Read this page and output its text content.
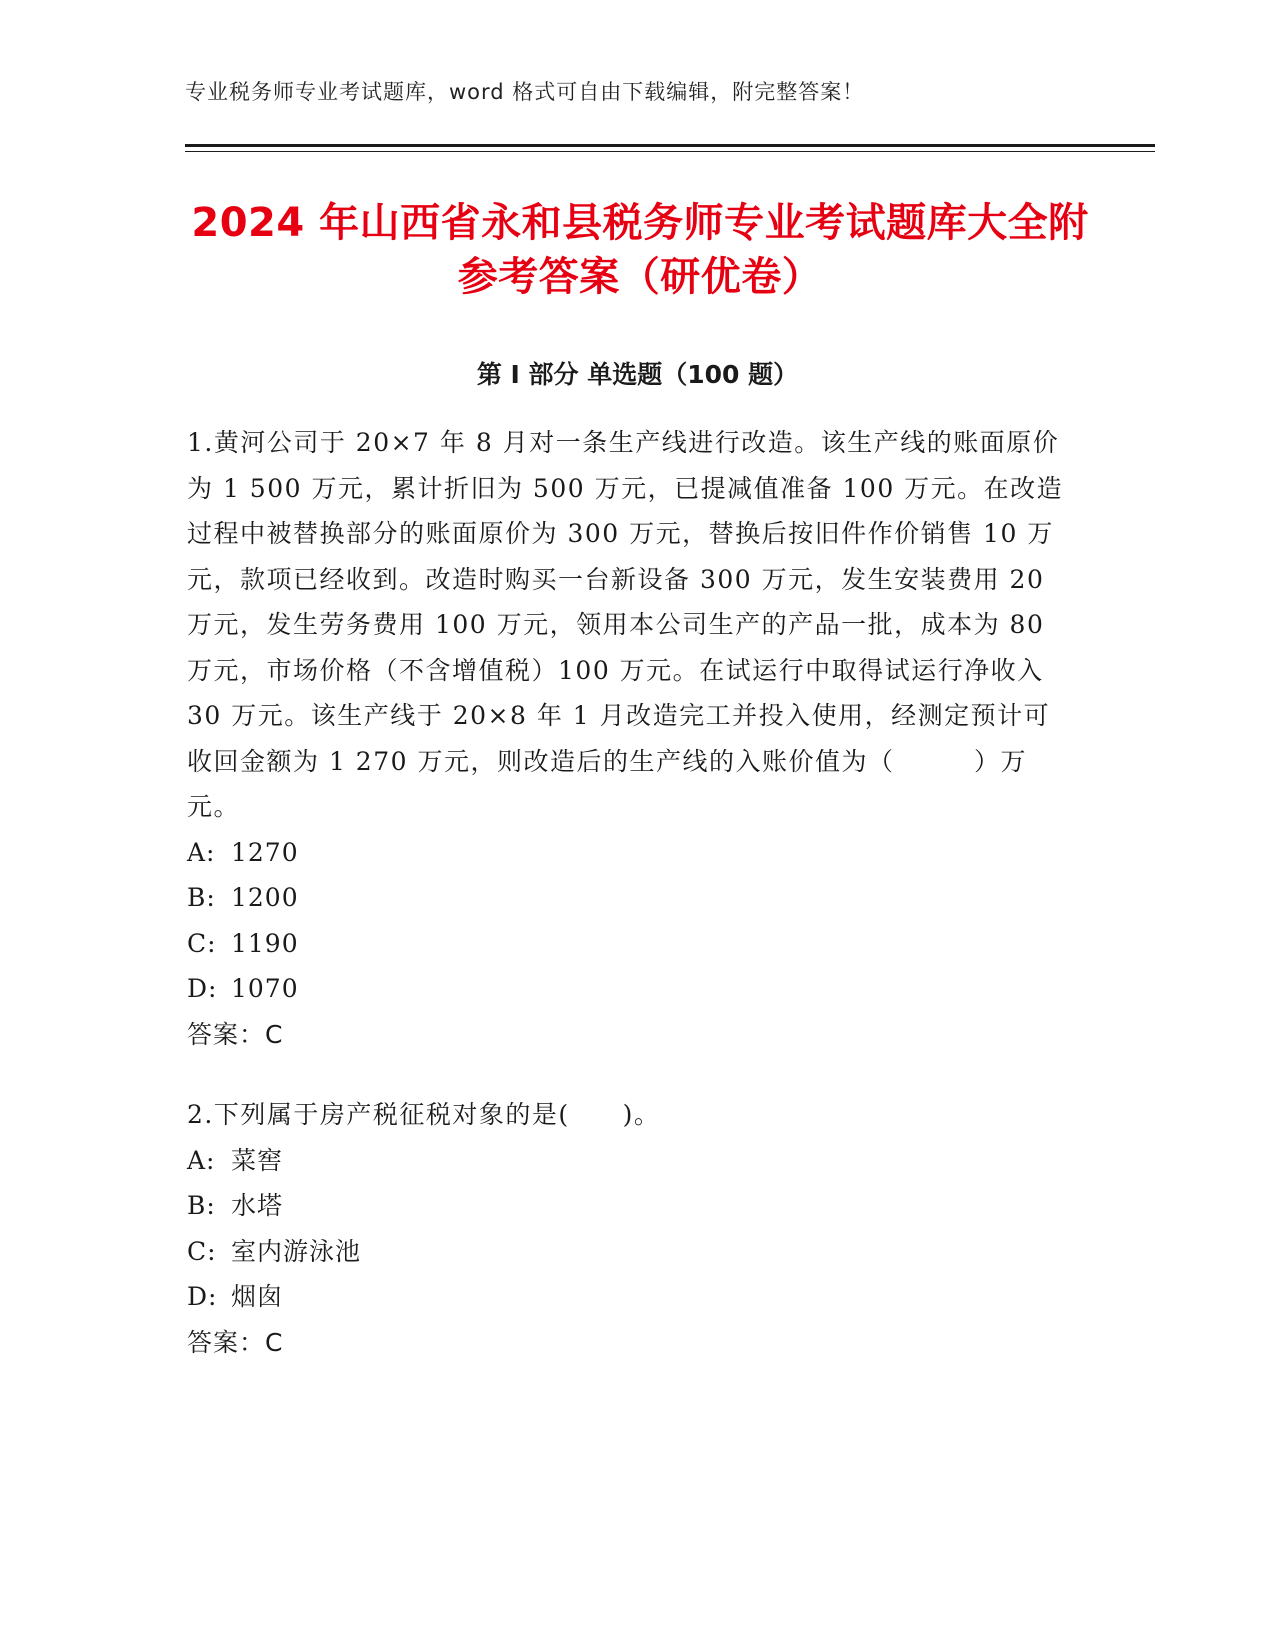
专业税务师专业考试题库，word 格式可自由下载编辑，附完整答案！
2024 年山西省永和县税务师专业考试题库大全附参考答案（研优卷）
第 I 部分 单选题（100 题）

1.黄河公司于 20×7 年 8 月对一条生产线进行改造。该生产线的账面原价为 1 500 万元，累计折旧为 500 万元，已提减值准备 100 万元。在改造过程中被替换部分的账面原价为 300 万元，替换后按旧件作价销售 10 万元，款项已经收到。改造时购买一台新设备 300 万元，发生安装费用 20 万元，发生劳务费用 100 万元，领用本公司生产的产品一批，成本为 80 万元，市场价格（不含增值税）100 万元。在试运行中取得试运行净收入 30 万元。该生产线于 20×8 年 1 月改造完工并投入使用，经测定预计可收回金额为 1 270 万元，则改造后的生产线的入账价值为（　　　）万元。

A: 1270

B: 1200

C: 1190

D: 1070

答案：C

2.下列属于房产税征税对象的是(　　)。

A: 菜窖

B: 水塔

C: 室内游泳池

D: 烟囱

答案：C
